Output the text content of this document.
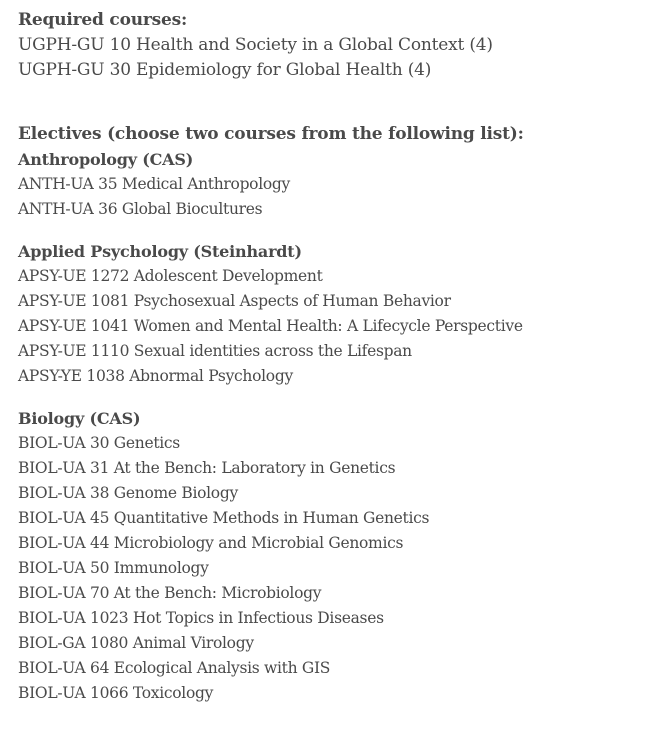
Required courses:
UGPH-GU 10 Health and Society in a Global Context (4)
UGPH-GU 30 Epidemiology for Global Health (4)
Electives (choose two courses from the following list):
Anthropology (CAS)
ANTH-UA 35 Medical Anthropology
ANTH-UA 36 Global Biocultures
Applied Psychology (Steinhardt)
APSY-UE 1272 Adolescent Development
APSY-UE 1081 Psychosexual Aspects of Human Behavior
APSY-UE 1041 Women and Mental Health: A Lifecycle Perspective
APSY-UE 1110 Sexual identities across the Lifespan
APSY-YE 1038 Abnormal Psychology
Biology (CAS)
BIOL-UA 30 Genetics
BIOL-UA 31 At the Bench: Laboratory in Genetics
BIOL-UA 38 Genome Biology
BIOL-UA 45 Quantitative Methods in Human Genetics
BIOL-UA 44 Microbiology and Microbial Genomics
BIOL-UA 50 Immunology
BIOL-UA 70 At the Bench: Microbiology
BIOL-UA 1023 Hot Topics in Infectious Diseases
BIOL-GA 1080 Animal Virology
BIOL-UA 64 Ecological Analysis with GIS
BIOL-UA 1066 Toxicology
